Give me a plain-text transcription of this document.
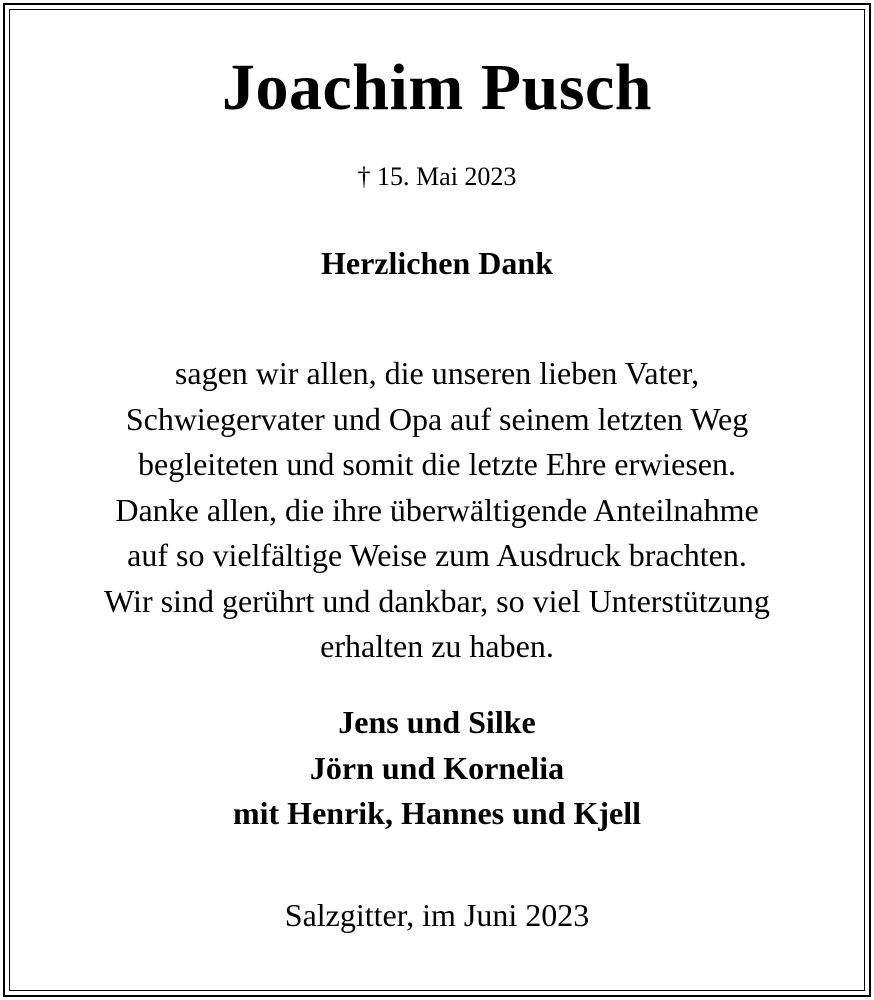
Joachim Pusch
† 15. Mai 2023
Herzlichen Dank
sagen wir allen, die unseren lieben Vater,
Schwiegervater und Opa auf seinem letzten Weg
begleiteten und somit die letzte Ehre erwiesen.
Danke allen, die ihre überwältigende Anteilnahme
auf so vielfältige Weise zum Ausdruck brachten.
Wir sind gerührt und dankbar, so viel Unterstützung
erhalten zu haben.
Jens und Silke
Jörn und Kornelia
mit Henrik, Hannes und Kjell
Salzgitter, im Juni 2023
